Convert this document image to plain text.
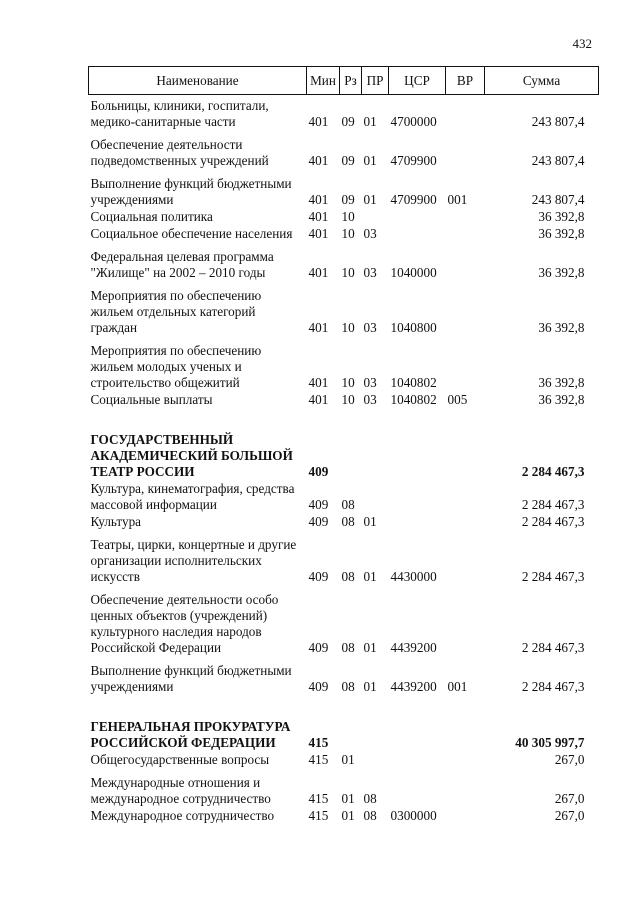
432
Наименование	Мин	Рз	ПР	ЦСР	ВР	Сумма
Больницы, клиники, госпитали, медико-санитарные части	401	09	01	4700000		243 807,4
Обеспечение деятельности подведомственных учреждений	401	09	01	4709900		243 807,4
Выполнение функций бюджетными учреждениями	401	09	01	4709900	001	243 807,4
Социальная политика	401	10				36 392,8
Социальное обеспечение населения	401	10	03			36 392,8
Федеральная целевая программа "Жилище" на 2002 – 2010 годы	401	10	03	1040000		36 392,8
Мероприятия по обеспечению жильем отдельных категорий граждан	401	10	03	1040800		36 392,8
Мероприятия по обеспечению жильем молодых ученых и строительство общежитий	401	10	03	1040802		36 392,8
Социальные выплаты	401	10	03	1040802	005	36 392,8
ГОСУДАРСТВЕННЫЙ АКАДЕМИЧЕСКИЙ БОЛЬШОЙ ТЕАТР РОССИИ	409					2 284 467,3
Культура, кинематография, средства массовой информации	409	08				2 284 467,3
Культура	409	08	01			2 284 467,3
Театры, цирки, концертные и другие организации исполнительских искусств	409	08	01	4430000		2 284 467,3
Обеспечение деятельности особо ценных объектов (учреждений) культурного наследия народов Российской Федерации	409	08	01	4439200		2 284 467,3
Выполнение функций бюджетными учреждениями	409	08	01	4439200	001	2 284 467,3
ГЕНЕРАЛЬНАЯ ПРОКУРАТУРА РОССИЙСКОЙ ФЕДЕРАЦИИ	415					40 305 997,7
Общегосударственные вопросы	415	01				267,0
Международные отношения и международное сотрудничество	415	01	08			267,0
Международное сотрудничество	415	01	08	0300000		267,0
